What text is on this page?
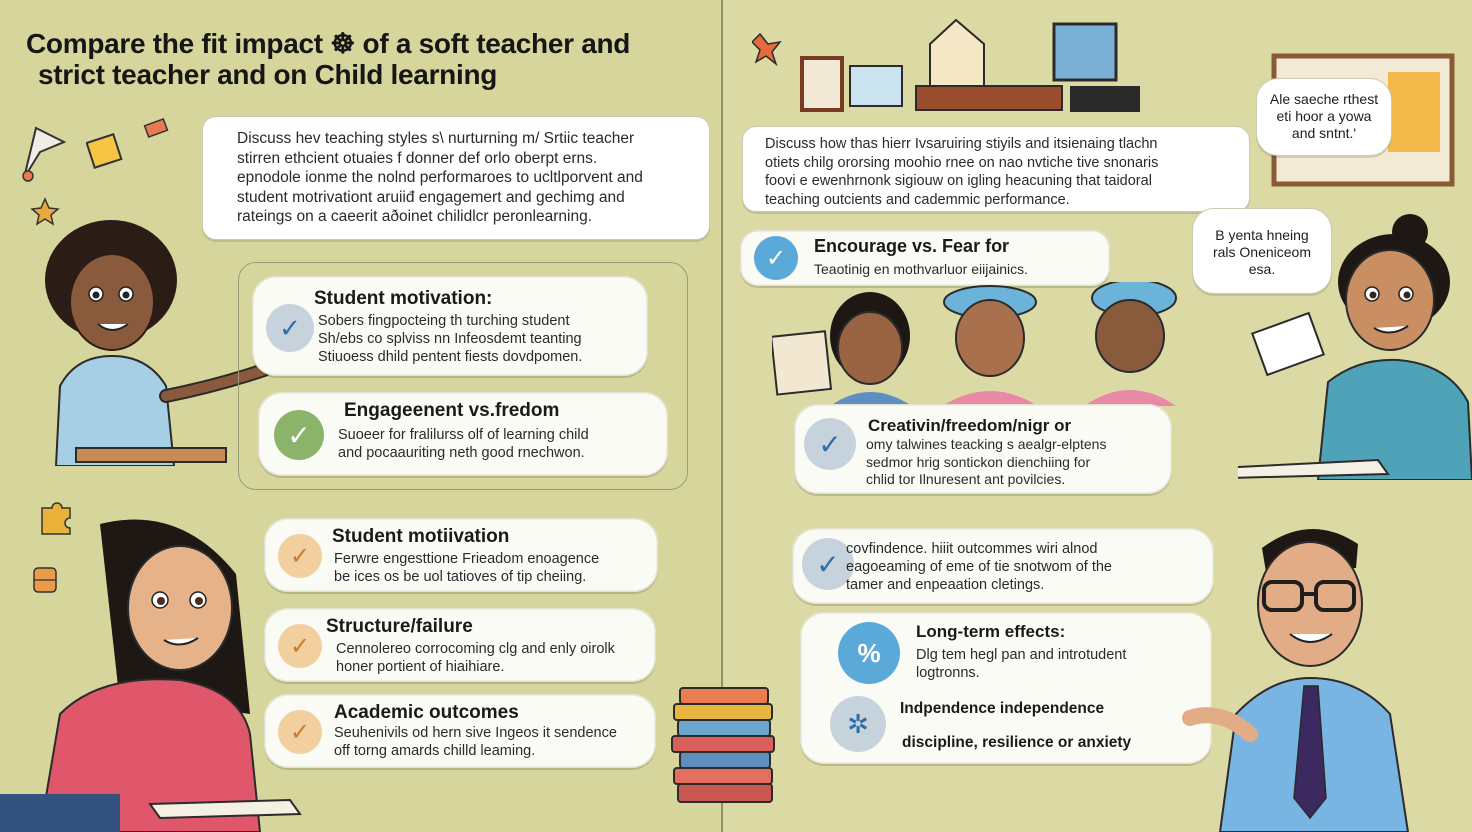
Compare the fit impact ☸ of a soft teacher and
strict teacher and on Child learning

Discuss hev teaching styles s\ nurturning m/ Srtiic teacher

stirren ethcient otuaies f donner def orlo oberpt erns.

epnodole ionme the nolnd performaroes to ucltlporvent and

student motrivationt aruiiđ engagemert and gechimg and

rateings on a caeerit aðoinet chilidlcr peronlearning.

✓
Student motivation:

Sobers fingpocteing th turching student

Sh/ebs co splviss nn Infeosdemt teanting

Stiuoess dhild pentent fiests dovdpomen.

✓
Engageenent vs.fredom

Suoeer for fralilurss olf of learning child

and pocaauriting neth good rnechwon.

✓
Student motiivation

Ferwre engesttione Frieadom enoagence

be ices os be uol tatioves of tip cheiing.

✓
Structure/failure

Cennolereo corrocoming clg and enly oirolk

honer portient of hiaihiare.

✓
Academic outcomes

Seuhenivils od hern sive Ingeos it sendence

off torng amards chilld leaming.

Discuss how thas hierr Ivsaruiring stiyils and itsienaing tlachn

otiets chilg ororsing moohio rnee on nao nvtiche tive snonaris

foovi e ewenhrnonk sigiouw on igling heacuning that taidoral

teaching outcients and cademmic performance.

Ale saeche rthest
eti hoor a yowa
and sntnt.'
B yenta hneing
rals Oneniceom
esa.
✓	Encourage vs. Fear for

Teaotinig en mothvarluor eiijainics.

✓
Creativin/freedom/nigr or

omy talwines teacking s aealgr-elptens

sedmor hrig sontickon dienchiing for

chlid tor Ilnuresent ant povilcies.

✓ covfindence. hiiit outcommes wiri alnod

eagoeaming of eme of tie snotwom of the

tamer and enpeaation cletings.

%
Long-term effects:

Dlg tem hegl pan and introtudent

logtronns.

✲	Indpendence independence
discipline, resilience or anxiety
